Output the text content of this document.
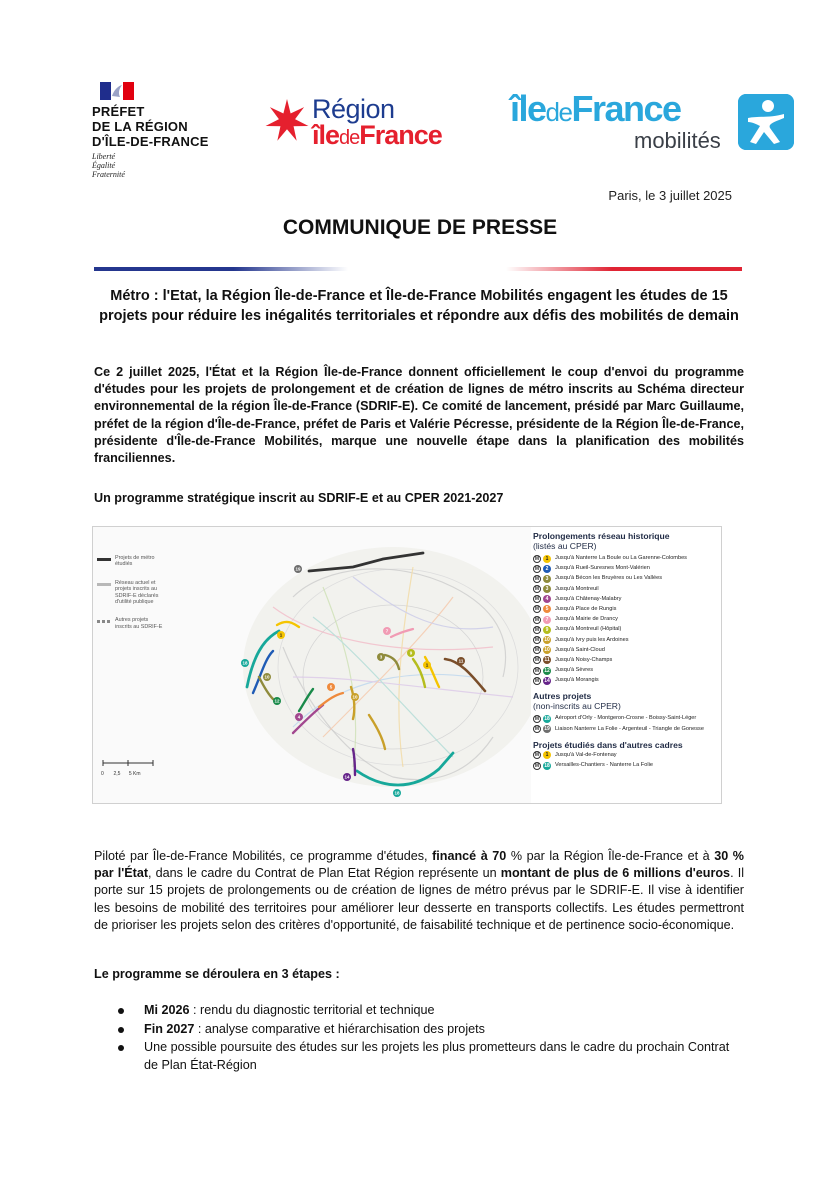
PRÉFET
DE LA RÉGION
D'ÎLE-DE-FRANCE
Liberté
Égalité
Fraternité
Région
îledeFrance
îledeFrance
mobilités
Paris, le 3 juillet 2025
COMMUNIQUE DE PRESSE
Métro : l'Etat, la Région Île-de-France et Île-de-France Mobilités engagent les études de 15 projets pour réduire les inégalités territoriales et répondre aux défis des mobilités de demain
Ce 2 juillet 2025, l'État et la Région Île-de-France donnent officiellement le coup d'envoi du programme d'études pour les projets de prolongement et de création de lignes de métro inscrits au Schéma directeur environnemental de la région Île-de-France (SDRIF-E). Ce comité de lancement, présidé par Marc Guillaume, préfet de la région d'Île-de-France, préfet de Paris et Valérie Pécresse, présidente de la Région Île-de-France, présidente d'Île-de-France Mobilités, marque une nouvelle étape dans la planification des mobilités franciliennes.
Un programme stratégique inscrit au SDRIF-E et au CPER 2021-2027
19
18
1
10
12
4
5
10
3
9
1
11
14
18
7
Projets de métro étudiés
Réseau actuel et projets inscrits au SDRIF-E déclarés d'utilité publique
Autres projets inscrits au SDRIF-E
0 2,5 5 Km
Prolongements réseau historique
(listés au CPER)
M	1	Jusqu'à Nanterre La Boule ou La Garenne-Colombes
M	2	Jusqu'à Rueil-Suresnes Mont-Valérien
M	3	Jusqu'à Bécon les Bruyères ou Les Vallées
M	3	Jusqu'à Montreuil
M	4	Jusqu'à Châtenay-Malabry
M	5	Jusqu'à Place de Rungis
M	7	Jusqu'à Mairie de Drancy
M	9	Jusqu'à Montreuil (Hôpital)
M	10 Jusqu'à Ivry puis les Ardoines
M	10 Jusqu'à Saint-Cloud
M	11 Jusqu'à Noisy-Champs
M	12 Jusqu'à Sèvres
M	14 Jusqu'à Morangis
Autres projets
(non-inscrits au CPER)
M	18 Aéroport d'Orly - Montgeron-Crosne - Boissy-Saint-Léger
M	19 Liaison Nanterre La Folie - Argenteuil - Triangle de Gonesse
Projets étudiés dans d'autres cadres
M	1	Jusqu'à Val-de-Fontenay
M	18 Versailles-Chantiers - Nanterre La Folie
Piloté par Île-de-France Mobilités, ce programme d'études, financé à 70 % par la Région Île-de-France et à 30 % par l'État, dans le cadre du Contrat de Plan Etat Région représente un montant de plus de 6 millions d'euros. Il porte sur 15 projets de prolongements ou de création de lignes de métro prévus par le SDRIF-E. Il vise à identifier les besoins de mobilité des territoires pour améliorer leur desserte en transports collectifs. Les études permettront de prioriser les projets selon des critères d'opportunité, de faisabilité technique et de pertinence socio-économique.
Le programme se déroulera en 3 étapes :
Mi 2026 : rendu du diagnostic territorial et technique
Fin 2027 : analyse comparative et hiérarchisation des projets
Une possible poursuite des études sur les projets les plus prometteurs dans le cadre du prochain Contrat de Plan État-Région
